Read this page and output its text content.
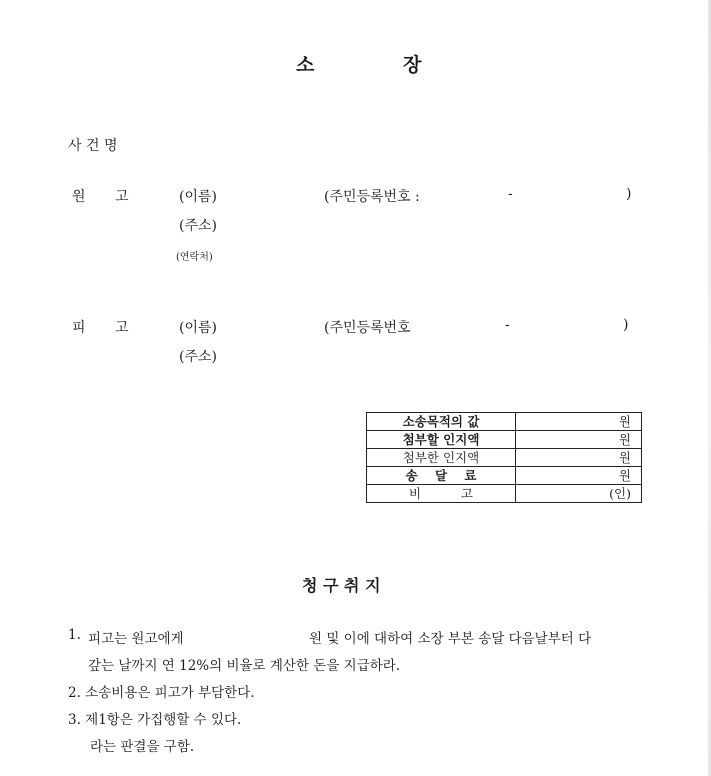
소	장
사 건 명
원 고	(이름)	(주민등록번호 :	-	)
(주소)
(연락처)
피 고	(이름)	(주민등록번호	-	)
(주소)
소송목적의 값	원
첨부할 인지액	원
첨부한 인지액	원
송    달    료	원
비          고	(인)
청 구 취 지
1. 피고는 원고에게	원 및 이에 대하여 소장 부본 송달 다음날부터 다
갚는 날까지 연 12%의 비율로 계산한 돈을 지급하라.
2. 소송비용은 피고가 부담한다.
3. 제1항은 가집행할 수 있다.
라는 판결을 구함.
